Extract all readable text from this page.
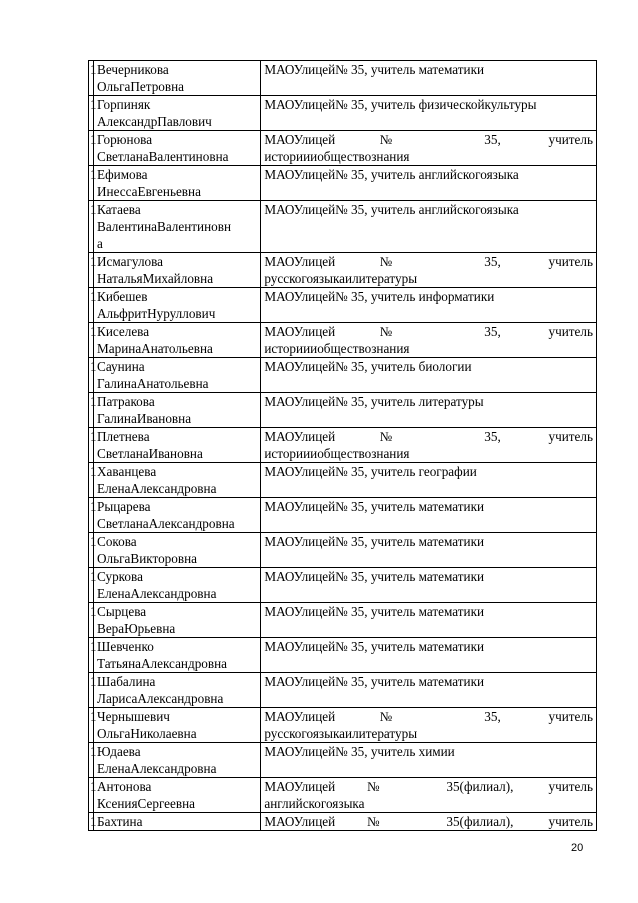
1	Вечерникова
ОльгаПетровна	МАОУлицей№ 35, учитель математики

1	Горпиняк
АлександрПавлович	МАОУлицей№ 35, учитель физическойкультуры

1	Горюнова
СветланаВалентиновна	МАОУлицей№ 35, учитель
историииобществознания

1	Ефимова
ИнессаЕвгеньевна	МАОУлицей№ 35, учитель английскогоязыка

1	Катаева
ВалентинаВалентиновн
а	МАОУлицей№ 35, учитель английскогоязыка

1	Исмагулова
НатальяМихайловна	МАОУлицей№ 35, учитель
русскогоязыкаилитературы

1	Кибешев
АльфритНуруллович	МАОУлицей№ 35, учитель информатики

1	Киселева
МаринаАнатольевна	МАОУлицей№ 35, учитель
историииобществознания

1	Саунина
ГалинаАнатольевна	МАОУлицей№ 35, учитель биологии

1	Патракова
ГалинаИвановна	МАОУлицей№ 35, учитель литературы

1	Плетнева
СветланаИвановна	МАОУлицей№ 35, учитель
историииобществознания

1	Хаванцева
ЕленаАлександровна	МАОУлицей№ 35, учитель географии

1	Рыцарева
СветланаАлександровна	МАОУлицей№ 35, учитель математики

1	Сокова
ОльгаВикторовна	МАОУлицей№ 35, учитель математики

1	Суркова
ЕленаАлександровна	МАОУлицей№ 35, учитель математики

1	Сырцева
ВераЮрьевна	МАОУлицей№ 35, учитель математики

1	Шевченко
ТатьянаАлександровна	МАОУлицей№ 35, учитель математики

1	Шабалина
ЛарисаАлександровна	МАОУлицей№ 35, учитель математики

1	Чернышевич
ОльгаНиколаевна	МАОУлицей№ 35, учитель
русскогоязыкаилитературы

1	Юдаева
ЕленаАлександровна	МАОУлицей№ 35, учитель химии

1	Антонова
КсенияСергеевна	МАОУлицей№ 35(филиал), учитель
английскогоязыка

1	Бахтина	МАОУлицей№ 35(филиал), учитель
20
